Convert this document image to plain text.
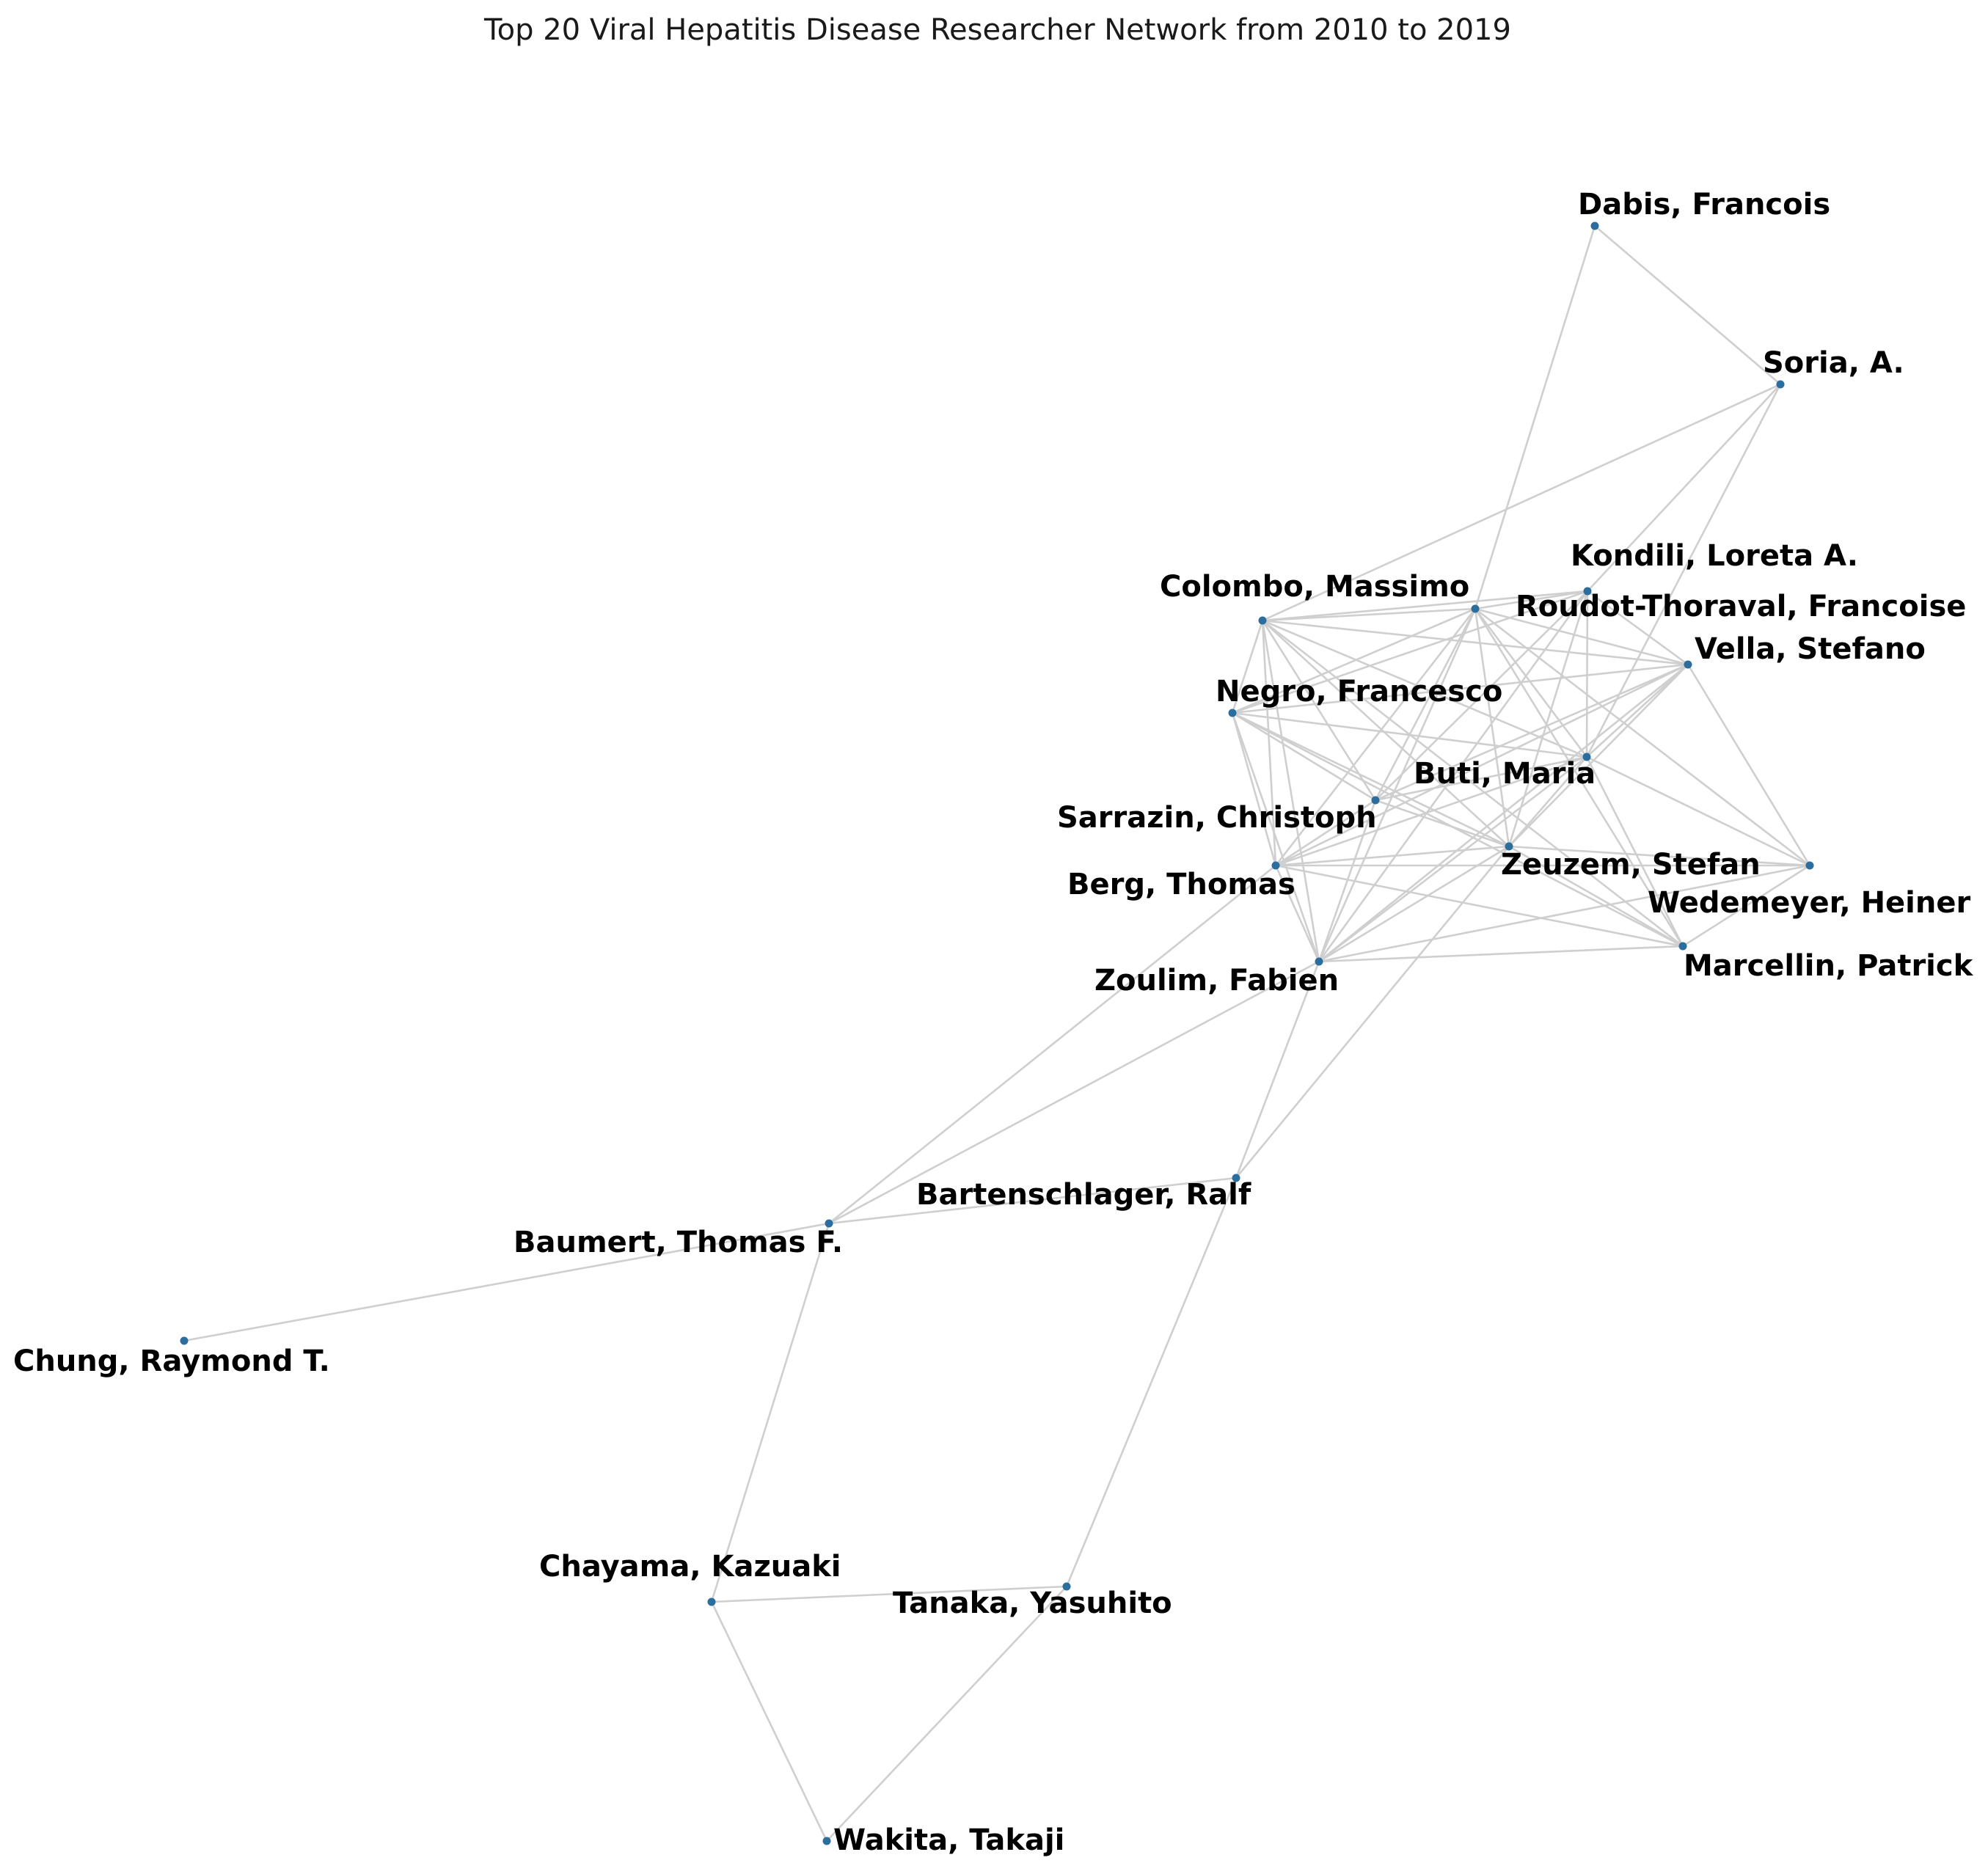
Top 20 Viral Hepatitis Disease Researcher Network from 2010 to 2019
Dabis, Francois
Soria, A.
Kondili, Loreta A.
Colombo, Massimo
Roudot-Thoraval, Francoise
Vella, Stefano
Negro, Francesco
Buti, Maria
Sarrazin, Christoph
Zeuzem, Stefan
Berg, Thomas
Wedemeyer, Heiner
Marcellin, Patrick
Zoulim, Fabien
Bartenschlager, Ralf
Baumert, Thomas F.
Chung, Raymond T.
Chayama, Kazuaki
Tanaka, Yasuhito
Wakita, Takaji
